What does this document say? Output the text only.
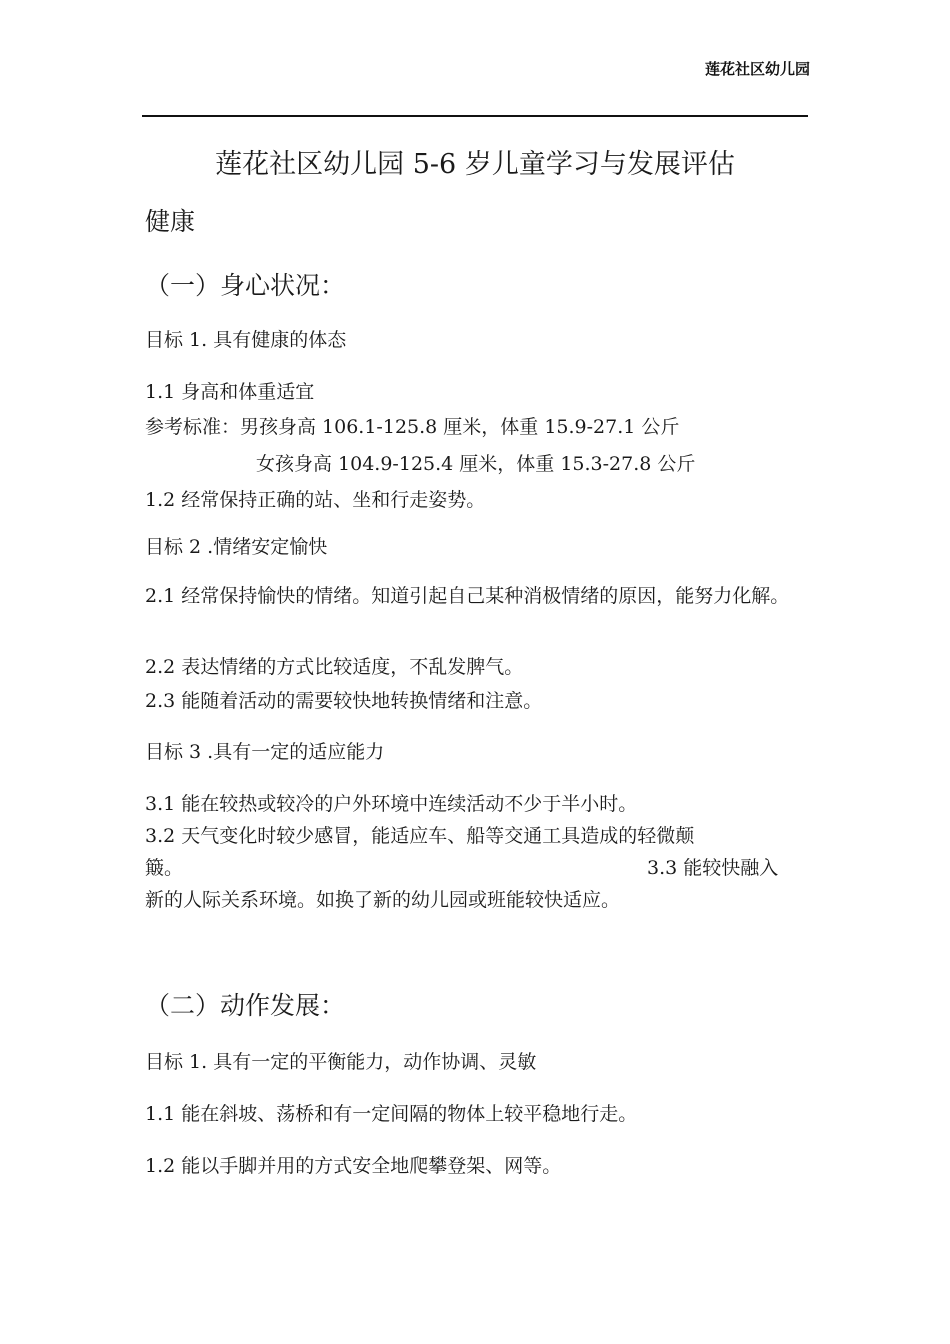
莲花社区幼儿园
莲花社区幼儿园 5-6 岁儿童学习与发展评估
健康
（一）身心状况：
目标 1. 具有健康的体态
1.1 身高和体重适宜
参考标准：男孩身高 106.1-125.8 厘米，体重 15.9-27.1 公斤
女孩身高 104.9-125.4 厘米，体重 15.3-27.8 公斤
1.2 经常保持正确的站、坐和行走姿势。
目标 2 .情绪安定愉快
2.1 经常保持愉快的情绪。知道引起自己某种消极情绪的原因，能努力化解。
2.2 表达情绪的方式比较适度，不乱发脾气。
2.3 能随着活动的需要较快地转换情绪和注意。
目标 3 .具有一定的适应能力
3.1 能在较热或较冷的户外环境中连续活动不少于半小时。
3.2 天气变化时较少感冒，能适应车、船等交通工具造成的轻微颠
簸。	3.3 能较快融入
新的人际关系环境。如换了新的幼儿园或班能较快适应。
（二）动作发展：
目标 1. 具有一定的平衡能力，动作协调、灵敏
1.1 能在斜坡、荡桥和有一定间隔的物体上较平稳地行走。
1.2 能以手脚并用的方式安全地爬攀登架、网等。
